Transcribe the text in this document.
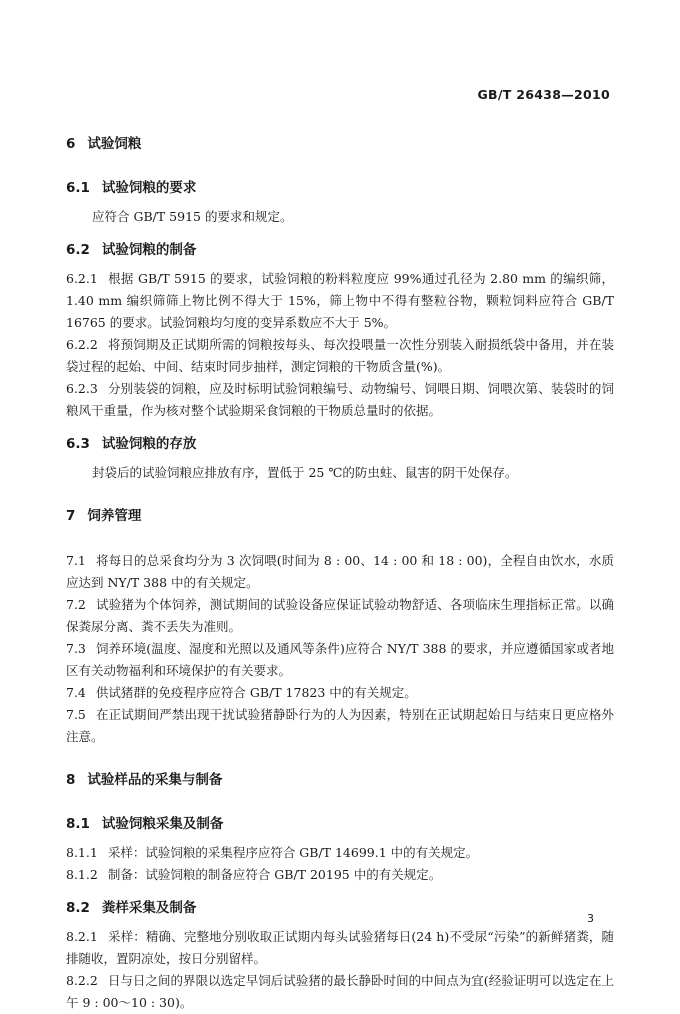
GB/T 26438—2010
6 试验饲粮
6.1 试验饲粮的要求

应符合 GB/T 5915 的要求和规定。

6.2 试验饲粮的制备

6.2.1 根据 GB/T 5915 的要求，试验饲粮的粉料粒度应 99%通过孔径为 2.80 mm 的编织筛，1.40 mm 编织筛筛上物比例不得大于 15%，筛上物中不得有整粒谷物，颗粒饲料应符合 GB/T 16765 的要求。试验饲粮均匀度的变异系数应不大于 5%。

6.2.2 将预饲期及正试期所需的饲粮按每头、每次投喂量一次性分别装入耐损纸袋中备用，并在装袋过程的起始、中间、结束时同步抽样，测定饲粮的干物质含量(%)。

6.2.3 分别装袋的饲粮，应及时标明试验饲粮编号、动物编号、饲喂日期、饲喂次第、装袋时的饲粮风干重量，作为核对整个试验期采食饲粮的干物质总量时的依据。

6.3 试验饲粮的存放

封袋后的试验饲粮应排放有序，置低于 25 ℃的防虫蛀、鼠害的阴干处保存。

7 饲养管理

7.1 将每日的总采食均分为 3 次饲喂(时间为 8 : 00、14 : 00 和 18 : 00)，全程自由饮水，水质应达到 NY/T 388 中的有关规定。

7.2 试验猪为个体饲养，测试期间的试验设备应保证试验动物舒适、各项临床生理指标正常。以确保粪尿分离、粪不丢失为准则。

7.3 饲养环境(温度、湿度和光照以及通风等条件)应符合 NY/T 388 的要求，并应遵循国家或者地区有关动物福利和环境保护的有关要求。

7.4 供试猪群的免疫程序应符合 GB/T 17823 中的有关规定。

7.5 在正试期间严禁出现干扰试验猪静卧行为的人为因素，特别在正试期起始日与结束日更应格外注意。

8 试验样品的采集与制备
8.1 试验饲粮采集及制备

8.1.1 采样：试验饲粮的采集程序应符合 GB/T 14699.1 中的有关规定。

8.1.2 制备：试验饲粮的制备应符合 GB/T 20195 中的有关规定。

8.2 粪样采集及制备

8.2.1 采样：精确、完整地分别收取正试期内每头试验猪每日(24 h)不受尿“污染”的新鲜猪粪，随排随收，置阴凉处，按日分别留样。

8.2.2 日与日之间的界限以选定早饲后试验猪的最长静卧时间的中间点为宜(经验证明可以选定在上午 9 : 00～10 : 30)。

3
